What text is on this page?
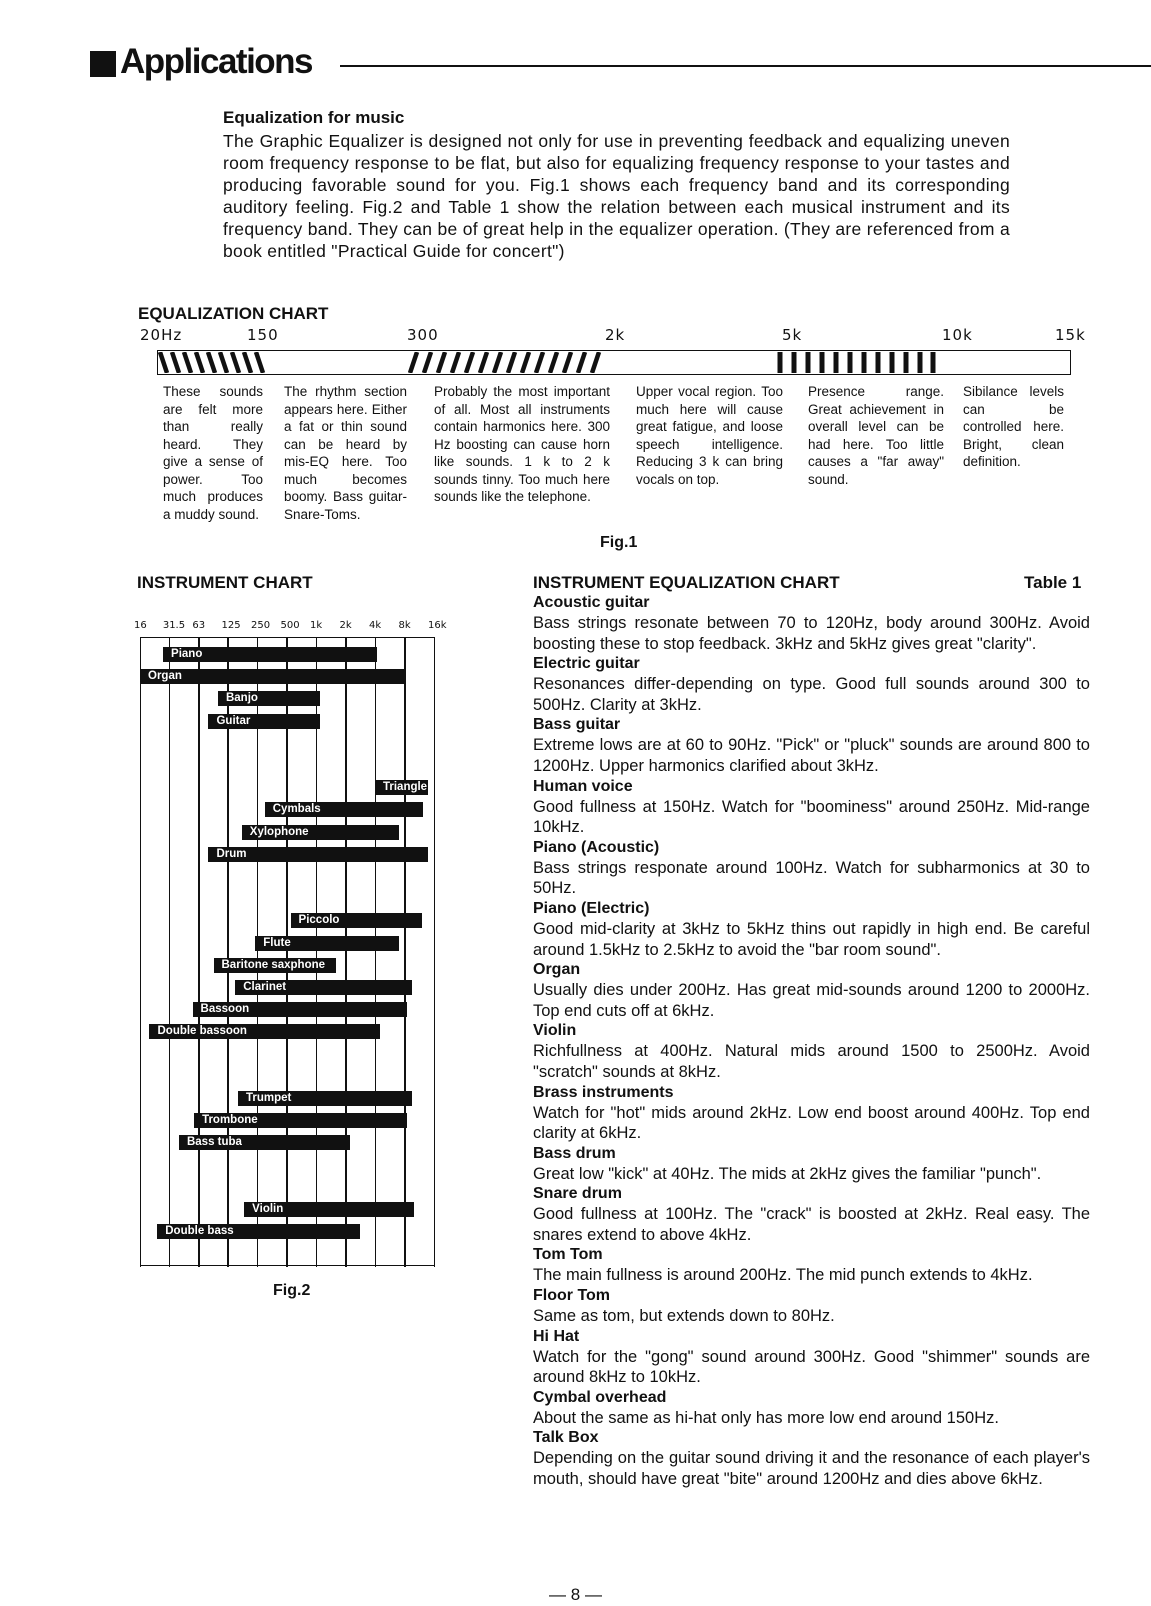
Applications
Equalization for music
The Graphic Equalizer is designed not only for use in preventing feedback and equalizing uneven room frequency response to be flat, but also for equalizing frequency response to your tastes and producing favorable sound for you. Fig.1 shows each frequency band and its corresponding auditory feeling. Fig.2 and Table 1 show the relation between each musical instrument and its frequency band. They can be of great help in the equalizer operation. (They are referenced from a book entitled "Practical Guide for concert")
EQUALIZATION CHART
20Hz	150	300	2k	5k	10k	15k
These sounds are felt more than really heard. They give a sense of power. Too much produces a muddy sound.
The rhythm section appears here. Either a fat or thin sound can be heard by mis-EQ here. Too much becomes boomy. Bass guitar-Snare-Toms.
Probably the most important of all. Most all instruments contain harmonics here. 300 Hz boosting can cause horn like sounds. 1 k to 2 k sounds tinny. Too much here sounds like the telephone.
Upper vocal region. Too much here will cause great fatigue, and loose speech intelligence. Reducing 3 k can bring vocals on top.
Presence range. Great achievement in overall level can be had here. Too little causes a "far away" sound.
Sibilance levels can be controlled here. Bright, clean definition.
Fig.1
INSTRUMENT CHART
Piano
Organ
Banjo
Guitar
Triangle
Cymbals
Xylophone
Drum
Piccolo
Flute
Baritone saxphone
Clarinet
Bassoon
Double bassoon
Trumpet
Trombone
Bass tuba
Violin
Double bass
Fig.2
INSTRUMENT EQUALIZATION CHART	Table 1
Acoustic guitar
Bass strings resonate between 70 to 120Hz, body around 300Hz. Avoid boosting these to stop feedback. 3kHz and 5kHz gives great "clarity".
Electric guitar
Resonances differ-depending on type. Good full sounds around 300 to 500Hz. Clarity at 3kHz.
Bass guitar
Extreme lows are at 60 to 90Hz. "Pick" or "pluck" sounds are around 800 to 1200Hz. Upper harmonics clarified about 3kHz.
Human voice
Good fullness at 150Hz. Watch for "boominess" around 250Hz. Mid-range 10kHz.
Piano (Acoustic)
Bass strings responate around 100Hz. Watch for subharmonics at 30 to 50Hz.
Piano (Electric)
Good mid-clarity at 3kHz to 5kHz thins out rapidly in high end. Be careful around 1.5kHz to 2.5kHz to avoid the "bar room sound".
Organ
Usually dies under 200Hz. Has great mid-sounds around 1200 to 2000Hz. Top end cuts off at 6kHz.
Violin
Richfullness at 400Hz. Natural mids around 1500 to 2500Hz. Avoid "scratch" sounds at 8kHz.
Brass instruments
Watch for "hot" mids around 2kHz. Low end boost around 400Hz. Top end clarity at 6kHz.
Bass drum
Great low "kick" at 40Hz. The mids at 2kHz gives the familiar "punch".
Snare drum
Good fullness at 100Hz. The "crack" is boosted at 2kHz. Real easy. The snares extend to above 4kHz.
Tom Tom
The main fullness is around 200Hz. The mid punch extends to 4kHz.
Floor Tom
Same as tom, but extends down to 80Hz.
Hi Hat
Watch for the "gong" sound around 300Hz. Good "shimmer" sounds are around 8kHz to 10kHz.
Cymbal overhead
About the same as hi-hat only has more low end around 150Hz.
Talk Box
Depending on the guitar sound driving it and the resonance of each player's mouth, should have great "bite" around 1200Hz and dies above 6kHz.
— 8 —
16 31.5 63 125 250 500 1k 2k 4k 8k 16k
